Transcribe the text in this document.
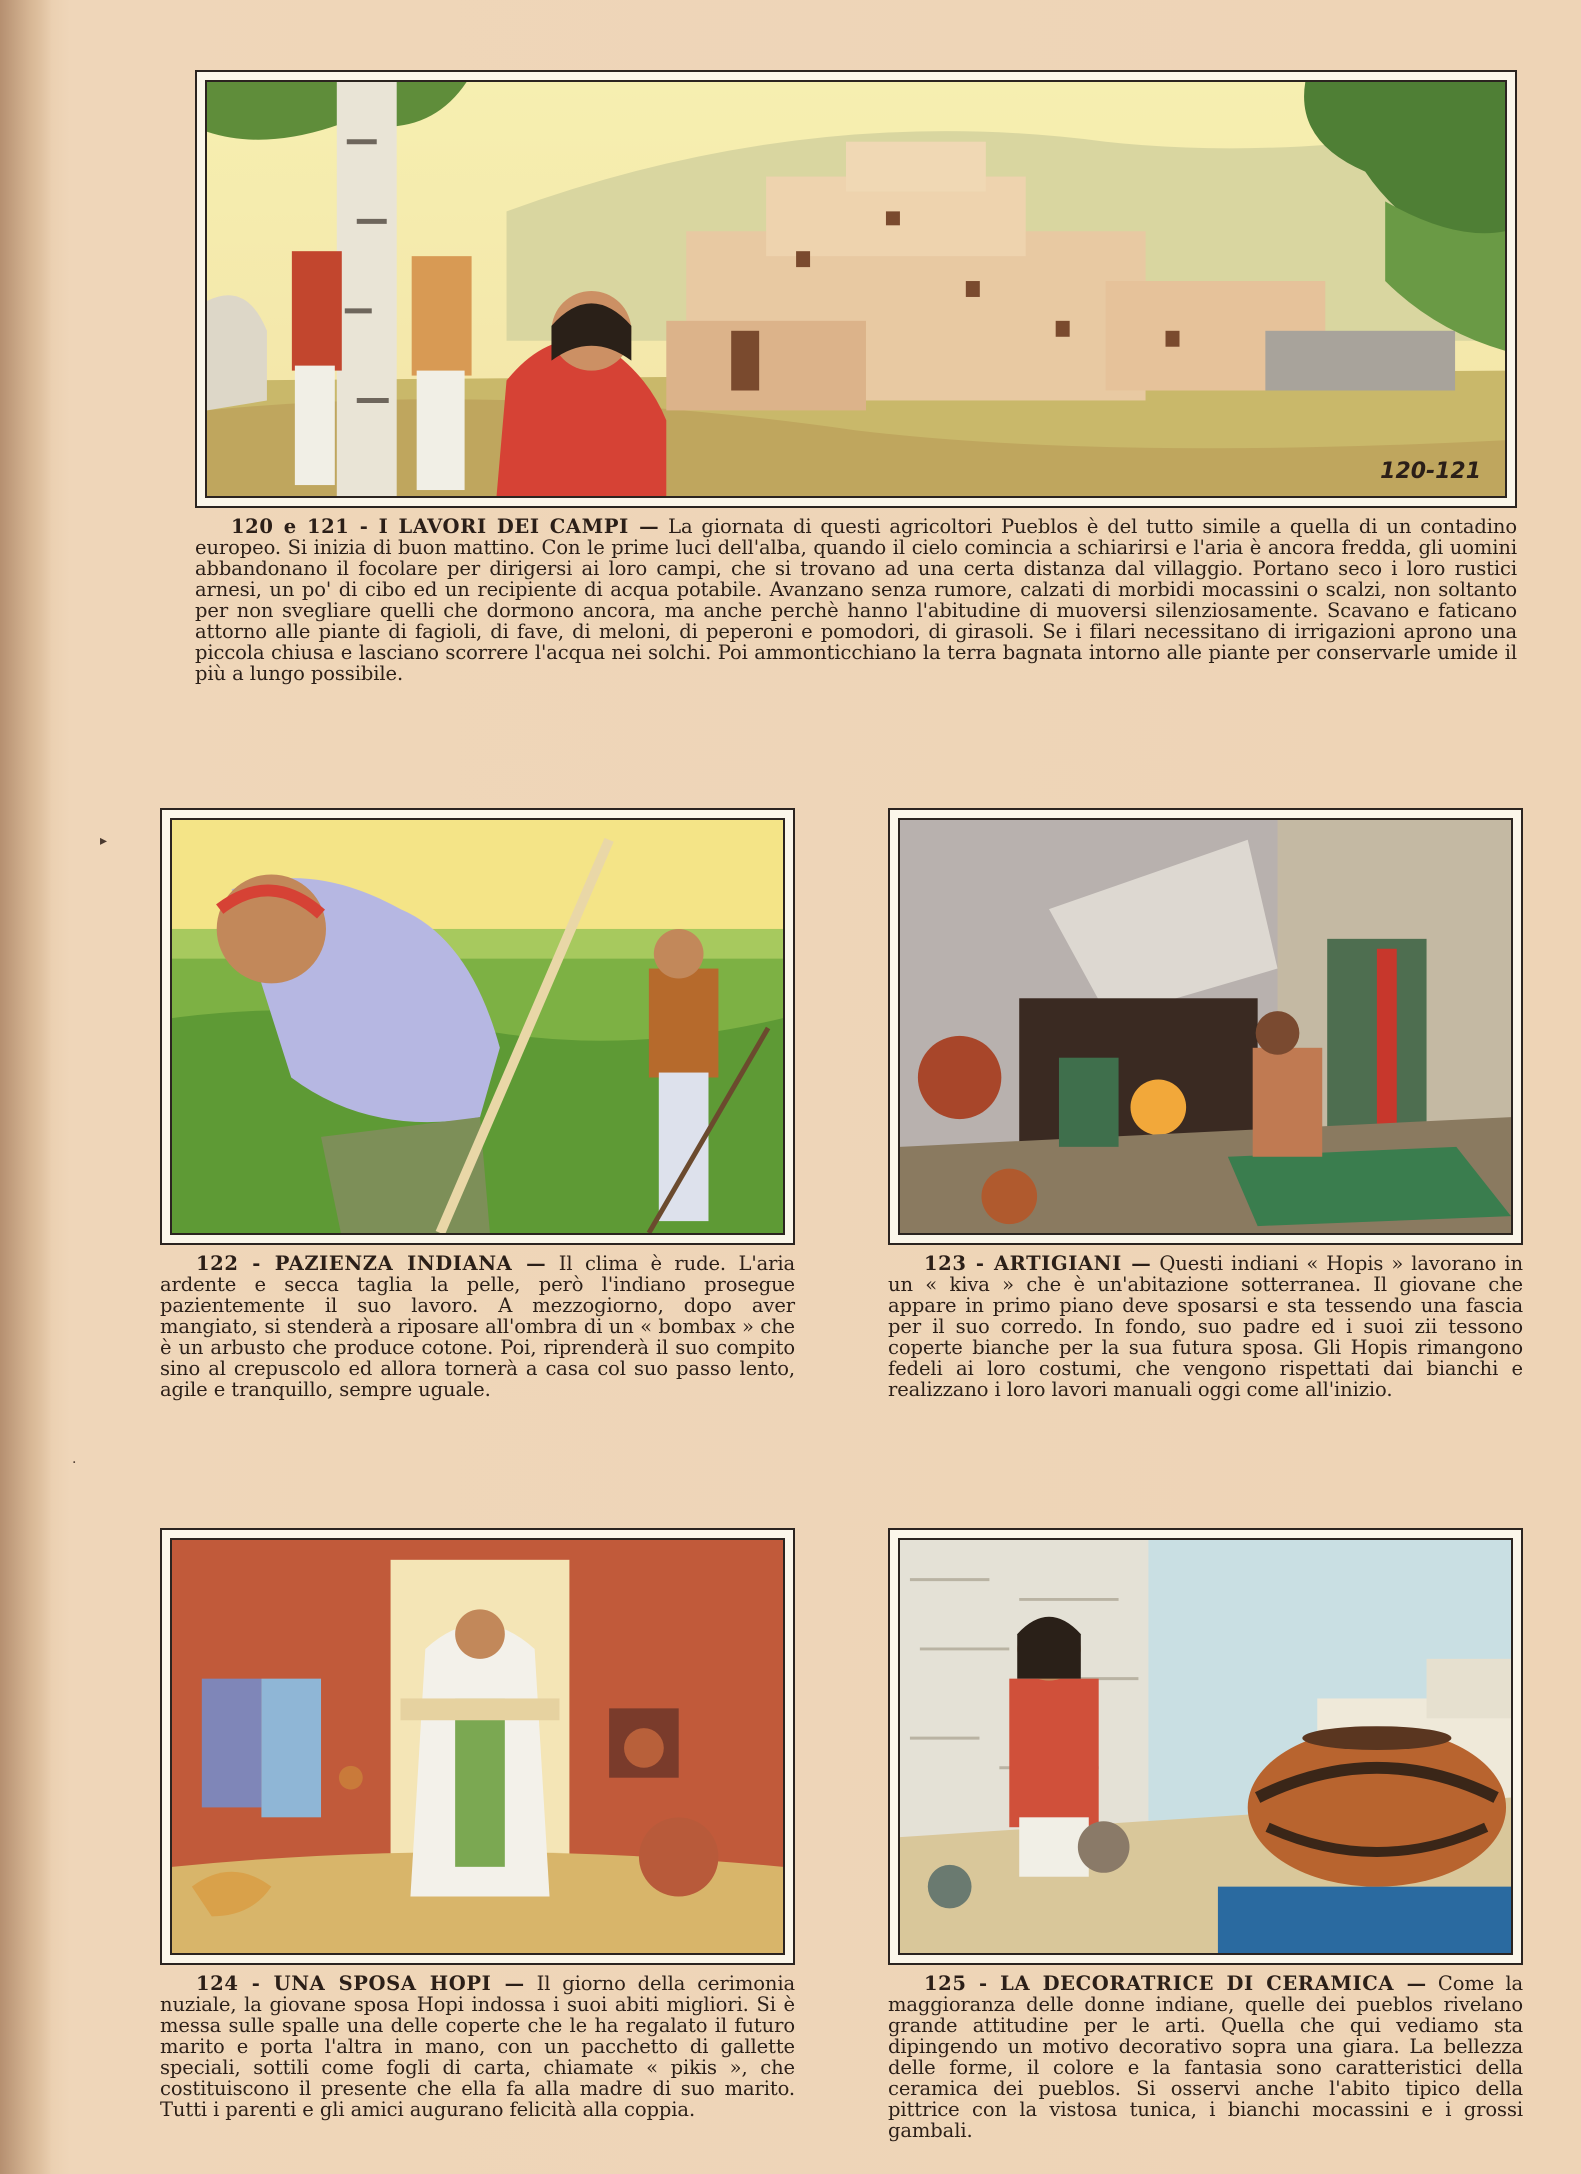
▸
·
120-121
120 e 121 - I LAVORI DEI CAMPI — La giornata di questi agricoltori Pueblos è del tutto simile a quella di un contadino europeo. Si inizia di buon mattino. Con le prime luci dell'alba, quando il cielo comincia a schiarirsi e l'aria è ancora fredda, gli uomini abbandonano il focolare per dirigersi ai loro campi, che si trovano ad una certa distanza dal villaggio. Portano seco i loro rustici arnesi, un po' di cibo ed un recipiente di acqua potabile. Avanzano senza rumore, calzati di morbidi mocassini o scalzi, non soltanto per non svegliare quelli che dormono ancora, ma anche perchè hanno l'abitudine di muoversi silenziosamente. Scavano e faticano attorno alle piante di fagioli, di fave, di meloni, di peperoni e pomodori, di girasoli. Se i filari necessitano di irrigazioni aprono una piccola chiusa e lasciano scorrere l'acqua nei solchi. Poi ammonticchiano la terra bagnata intorno alle piante per conservarle umide il più a lungo possibile.
122 - PAZIENZA INDIANA — Il clima è rude. L'aria ardente e secca taglia la pelle, però l'indiano prosegue pazientemente il suo lavoro. A mezzogiorno, dopo aver mangiato, si stenderà a riposare all'ombra di un « bombax » che è un arbusto che produce cotone. Poi, riprenderà il suo compito sino al crepuscolo ed allora tornerà a casa col suo passo lento, agile e tranquillo, sempre uguale.
123 - ARTIGIANI — Questi indiani « Hopis » lavorano in un « kiva » che è un'abitazione sotterranea. Il giovane che appare in primo piano deve sposarsi e sta tessendo una fascia per il suo corredo. In fondo, suo padre ed i suoi zii tessono coperte bianche per la sua futura sposa. Gli Hopis rimangono fedeli ai loro costumi, che vengono rispettati dai bianchi e realizzano i loro lavori manuali oggi come all'inizio.
124 - UNA SPOSA HOPI — Il giorno della cerimonia nuziale, la giovane sposa Hopi indossa i suoi abiti migliori. Si è messa sulle spalle una delle coperte che le ha regalato il futuro marito e porta l'altra in mano, con un pacchetto di gallette speciali, sottili come fogli di carta, chiamate « pikis », che costituiscono il presente che ella fa alla madre di suo marito. Tutti i parenti e gli amici augurano felicità alla coppia.
125 - LA DECORATRICE DI CERAMICA — Come la maggioranza delle donne indiane, quelle dei pueblos rivelano grande attitudine per le arti. Quella che qui vediamo sta dipingendo un motivo decorativo sopra una giara. La bellezza delle forme, il colore e la fantasia sono caratteristici della ceramica dei pueblos. Si osservi anche l'abito tipico della pittrice con la vistosa tunica, i bianchi mocassini e i grossi gambali.
